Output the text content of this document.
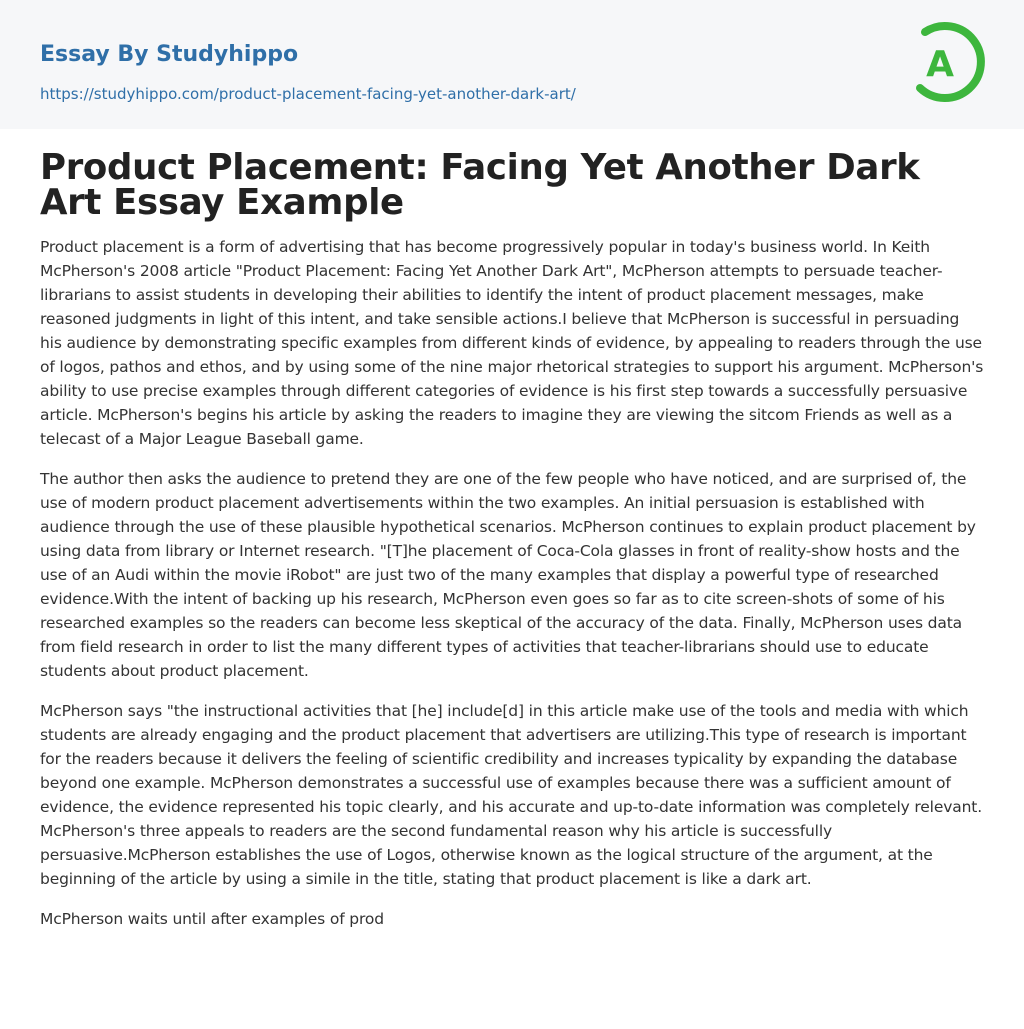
Essay By Studyhippo
https://studyhippo.com/product-placement-facing-yet-another-dark-art/
A
Product Placement: Facing Yet Another Dark Art Essay Example

Product placement is a form of advertising that has become progressively popular in today's business world. In Keith McPherson's 2008 article "Product Placement: Facing Yet Another Dark Art", McPherson attempts to persuade teacher-librarians to assist students in developing their abilities to identify the intent of product placement messages, make reasoned judgments in light of this intent, and take sensible actions.I believe that McPherson is successful in persuading his audience by demonstrating specific examples from different kinds of evidence, by appealing to readers through the use of logos, pathos and ethos, and by using some of the nine major rhetorical strategies to support his argument. McPherson's ability to use precise examples through different categories of evidence is his first step towards a successfully persuasive article. McPherson's begins his article by asking the readers to imagine they are viewing the sitcom Friends as well as a telecast of a Major League Baseball game.

The author then asks the audience to pretend they are one of the few people who have noticed, and are surprised of, the use of modern product placement advertisements within the two examples. An initial persuasion is established with audience through the use of these plausible hypothetical scenarios. McPherson continues to explain product placement by using data from library or Internet research. "[T]he placement of Coca-Cola glasses in front of reality-show hosts and the use of an Audi within the movie iRobot" are just two of the many examples that display a powerful type of researched evidence.With the intent of backing up his research, McPherson even goes so far as to cite screen-shots of some of his researched examples so the readers can become less skeptical of the accuracy of the data. Finally, McPherson uses data from field research in order to list the many different types of activities that teacher-librarians should use to educate students about product placement.

McPherson says "the instructional activities that [he] include[d] in this article make use of the tools and media with which students are already engaging and the product placement that advertisers are utilizing.This type of research is important for the readers because it delivers the feeling of scientific credibility and increases typicality by expanding the database beyond one example. McPherson demonstrates a successful use of examples because there was a sufficient amount of evidence, the evidence represented his topic clearly, and his accurate and up-to-date information was completely relevant. McPherson's three appeals to readers are the second fundamental reason why his article is successfully persuasive.McPherson establishes the use of Logos, otherwise known as the logical structure of the argument, at the beginning of the article by using a simile in the title, stating that product placement is like a dark art.

McPherson waits until after examples of prod
